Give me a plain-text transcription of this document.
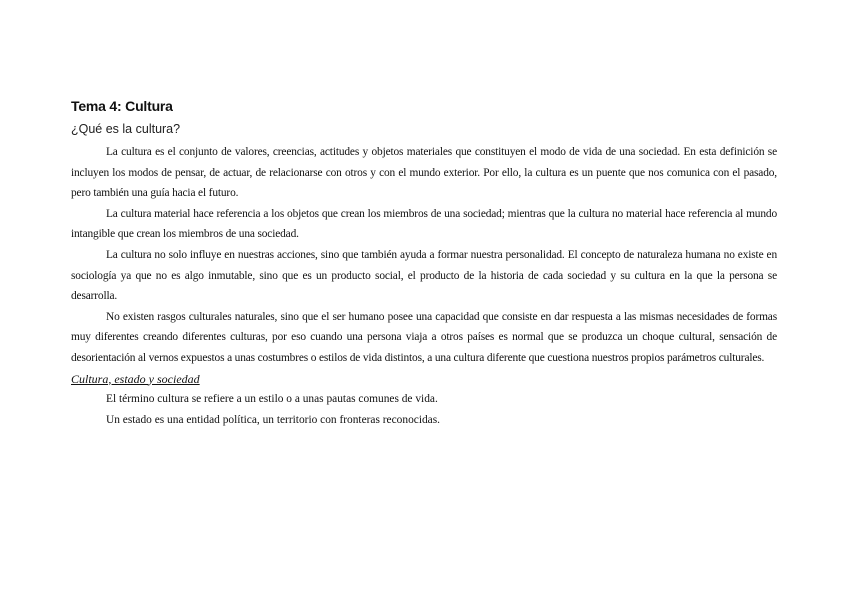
Tema 4: Cultura

¿Qué es la cultura?

La cultura es el conjunto de valores, creencias, actitudes y objetos materiales que constituyen el modo de vida de una sociedad. En esta definición se incluyen los modos de pensar, de actuar, de relacionarse con otros y con el mundo exterior. Por ello, la cultura es un puente que nos comunica con el pasado, pero también una guía hacia el futuro.

La cultura material hace referencia a los objetos que crean los miembros de una sociedad; mientras que la cultura no material hace referencia al mundo intangible que crean los miembros de una sociedad.

La cultura no solo influye en nuestras acciones, sino que también ayuda a formar nuestra personalidad. El concepto de naturaleza humana no existe en sociología ya que no es algo inmutable, sino que es un producto social, el producto de la historia de cada sociedad y su cultura en la que la persona se desarrolla.

No existen rasgos culturales naturales, sino que el ser humano posee una capacidad que consiste en dar respuesta a las mismas necesidades de formas muy diferentes creando diferentes culturas, por eso cuando una persona viaja a otros países es normal que se produzca un choque cultural, sensación de desorientación al vernos expuestos a unas costumbres o estilos de vida distintos, a una cultura diferente que cuestiona nuestros propios parámetros culturales.

Cultura, estado y sociedad

El término cultura se refiere a un estilo o a unas pautas comunes de vida.

Un estado es una entidad política, un territorio con fronteras reconocidas.
